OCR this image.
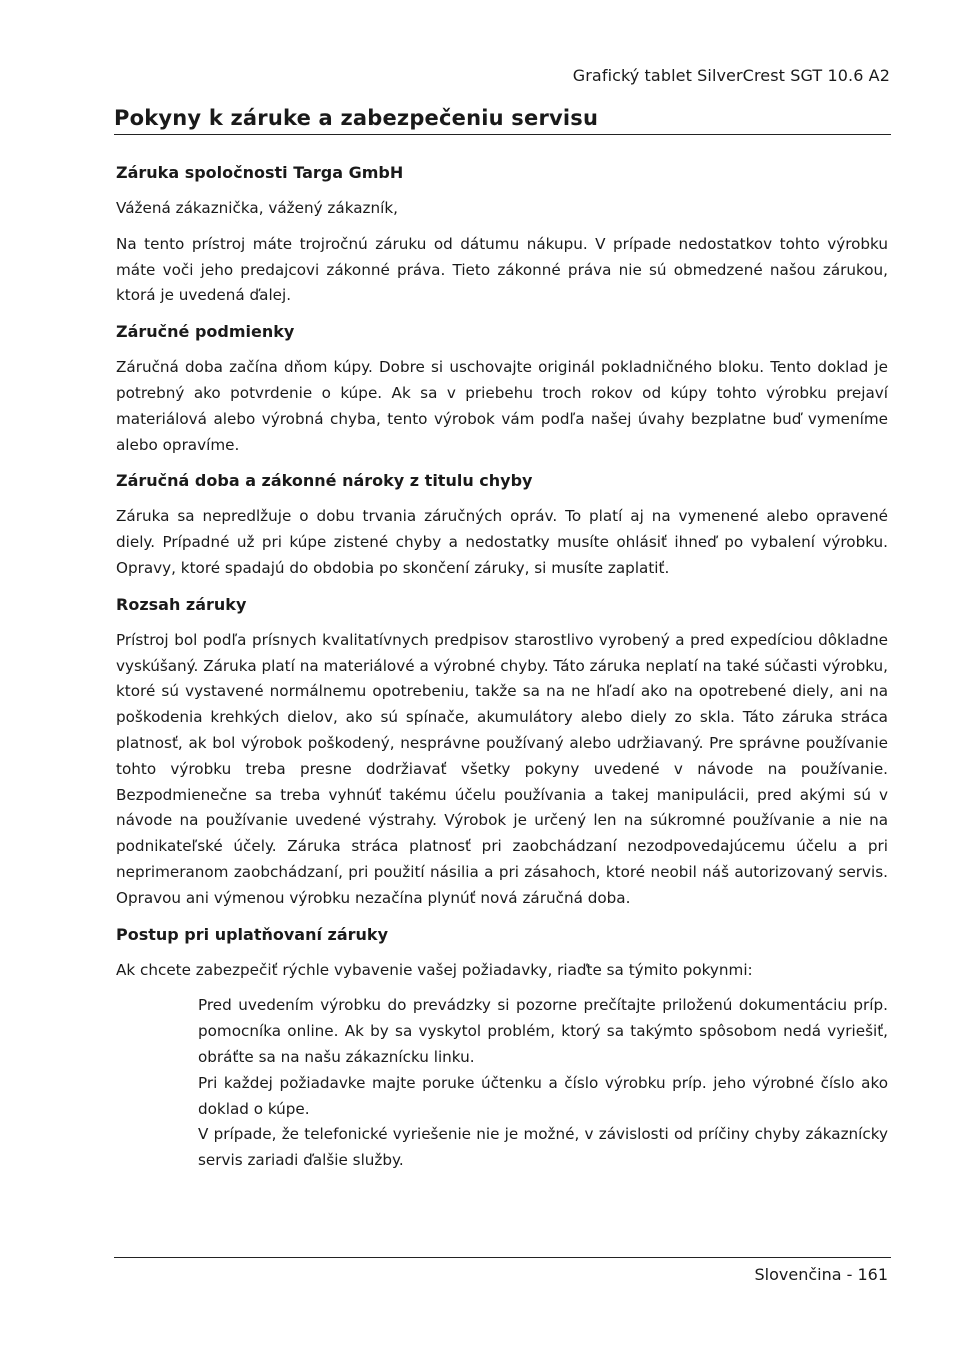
Grafický tablet SilverCrest SGT 10.6 A2
Pokyny k záruke a zabezpečeniu servisu
Záruka spoločnosti Targa GmbH

Vážená zákaznička, vážený zákazník,

Na tento prístroj máte trojročnú záruku od dátumu nákupu. V prípade nedostatkov tohto výrobku máte voči jeho predajcovi zákonné práva. Tieto zákonné práva nie sú obmedzené našou zárukou, ktorá je uvedená ďalej.

Záručné podmienky

Záručná doba začína dňom kúpy. Dobre si uschovajte originál pokladničného bloku. Tento doklad je potrebný ako potvrdenie o kúpe. Ak sa v priebehu troch rokov od kúpy tohto výrobku prejaví materiálová alebo výrobná chyba, tento výrobok vám podľa našej úvahy bezplatne buď vymeníme alebo opravíme.

Záručná doba a zákonné nároky z titulu chyby

Záruka sa nepredlžuje o dobu trvania záručných opráv. To platí aj na vymenené alebo opravené diely. Prípadné už pri kúpe zistené chyby a nedostatky musíte ohlásiť ihneď po vybalení výrobku. Opravy, ktoré spadajú do obdobia po skončení záruky, si musíte zaplatiť.

Rozsah záruky

Prístroj bol podľa prísnych kvalitatívnych predpisov starostlivo vyrobený a pred expedíciou dôkladne vyskúšaný. Záruka platí na materiálové a výrobné chyby. Táto záruka neplatí na také súčasti výrobku, ktoré sú vystavené normálnemu opotrebeniu, takže sa na ne hľadí ako na opotrebené diely, ani na poškodenia krehkých dielov, ako sú spínače, akumulátory alebo diely zo skla. Táto záruka stráca platnosť, ak bol výrobok poškodený, nesprávne používaný alebo udržiavaný. Pre správne používanie tohto výrobku treba presne dodržiavať všetky pokyny uvedené v návode na používanie. Bezpodmienečne sa treba vyhnúť takému účelu používania a takej manipulácii, pred akými sú v návode na používanie uvedené výstrahy. Výrobok je určený len na súkromné používanie a nie na podnikateľské účely. Záruka stráca platnosť pri zaobchádzaní nezodpovedajúcemu účelu a pri neprimeranom zaobchádzaní, pri použití násilia a pri zásahoch, ktoré neobil náš autorizovaný servis. Opravou ani výmenou výrobku nezačína plynúť nová záručná doba.

Postup pri uplatňovaní záruky

Ak chcete zabezpečiť rýchle vybavenie vašej požiadavky, riaďte sa týmito pokynmi:

Pred uvedením výrobku do prevádzky si pozorne prečítajte priloženú dokumentáciu príp. pomocníka online. Ak by sa vyskytol problém, ktorý sa takýmto spôsobom nedá vyriešiť, obráťte sa na našu zákaznícku linku.

Pri každej požiadavke majte poruke účtenku a číslo výrobku príp. jeho výrobné číslo ako doklad o kúpe.

V prípade, že telefonické vyriešenie nie je možné, v závislosti od príčiny chyby zákaznícky servis zariadi ďalšie služby.

Slovenčina - 161
